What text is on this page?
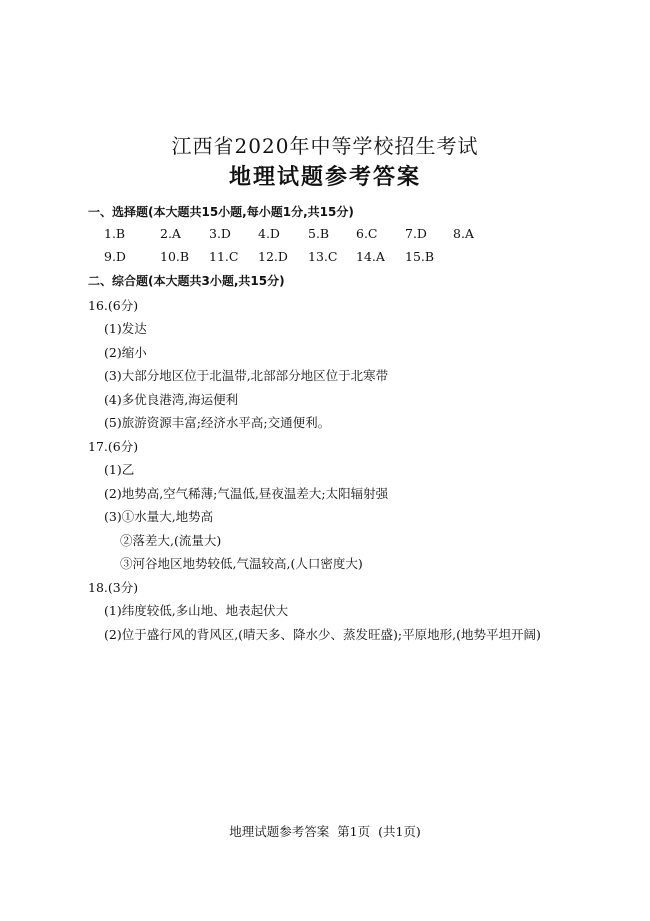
江西省2020年中等学校招生考试
地理试题参考答案
一、选择题(本大题共15小题,每小题1分,共15分)
1.B	2.A 3.D 4.D 5.B 6.C 7.D 8.A
9.D	10.B 11.C 12.D 13.C 14.A 15.B
二、综合题(本大题共3小题,共15分)
16.(6分)
(1)发达
(2)缩小
(3)大部分地区位于北温带,北部部分地区位于北寒带
(4)多优良港湾,海运便利
(5)旅游资源丰富;经济水平高;交通便利。
17.(6分)
(1)乙
(2)地势高,空气稀薄;气温低,昼夜温差大;太阳辐射强
(3)①水量大,地势高
②落差大,(流量大)
③河谷地区地势较低,气温较高,(人口密度大)
18.(3分)
(1)纬度较低,多山地、地表起伏大
(2)位于盛行风的背风区,(晴天多、降水少、蒸发旺盛);平原地形,(地势平坦开阔)
地理试题参考答案  第1页  (共1页)
